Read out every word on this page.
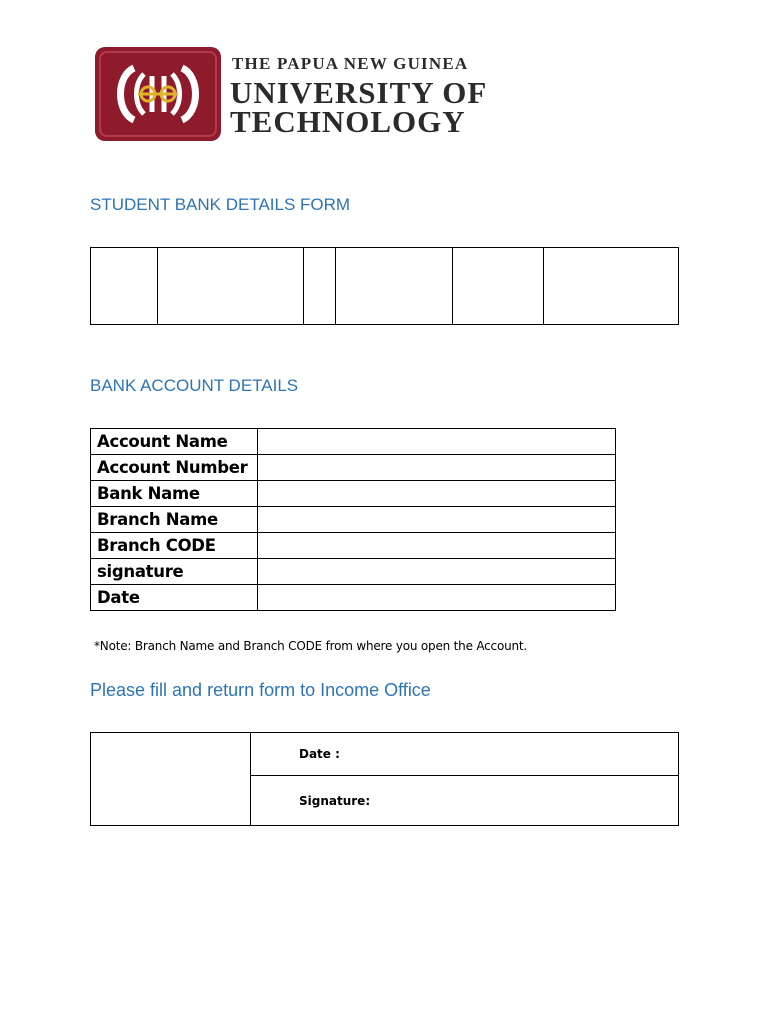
THE PAPUA NEW GUINEA
UNIVERSITY OF
TECHNOLOGY
STUDENT BANK DETAILS FORM

BANK ACCOUNT DETAILS
Account Name	
Account Number	
Bank Name	
Branch Name	
Branch CODE	
signature	
Date	
*Note: Branch Name and Branch CODE from where you open the Account.
Please fill and return form to Income Office
	Date :
Signature:
